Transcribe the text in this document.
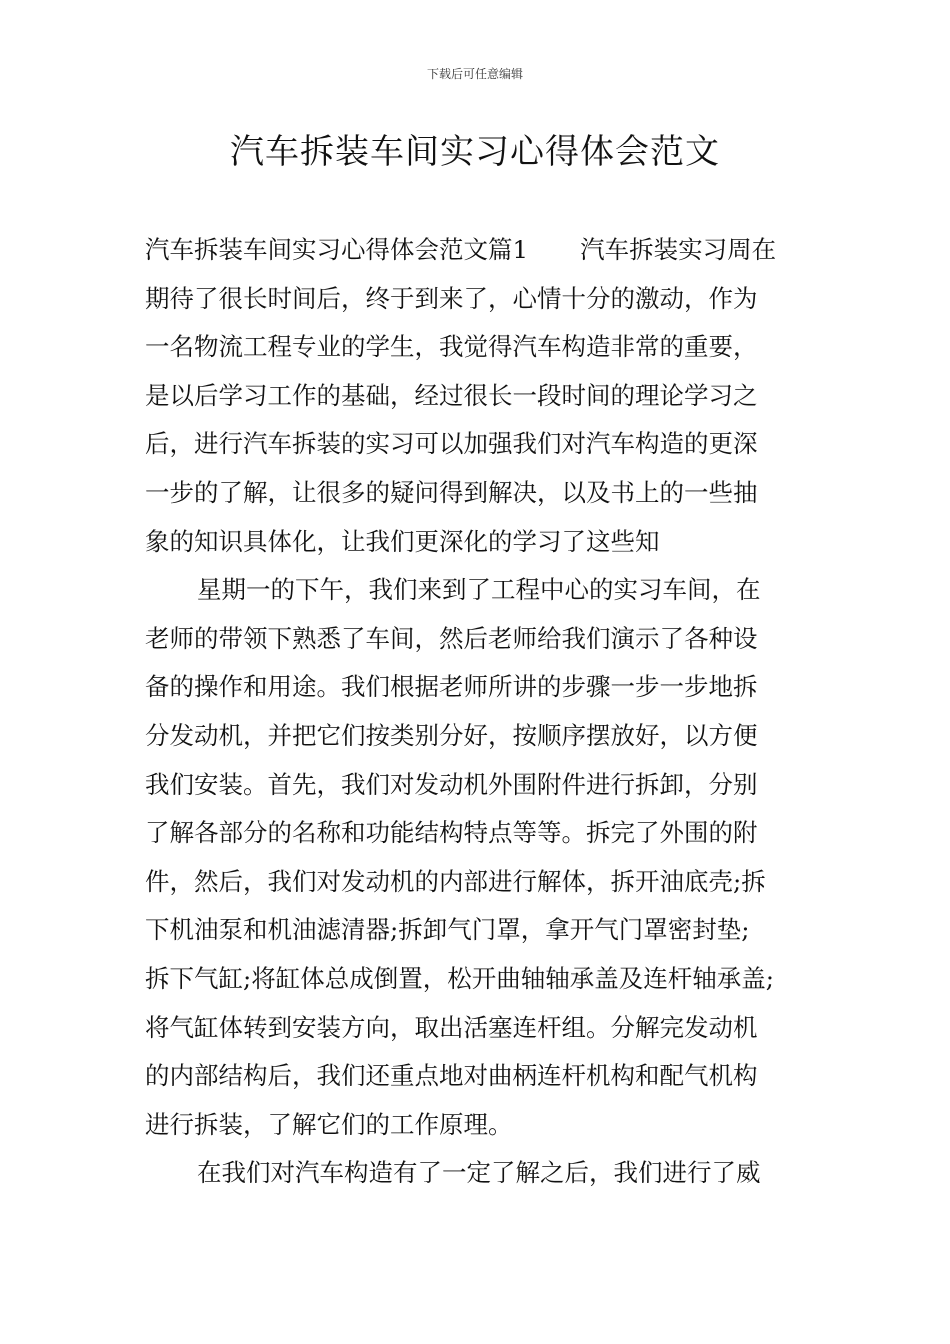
下载后可任意编辑
汽车拆装车间实习心得体会范文
汽车拆装车间实习心得体会范文篇1 汽车拆装实习周在
期待了很长时间后，终于到来了，心情十分的激动，作为
一名物流工程专业的学生，我觉得汽车构造非常的重要，
是以后学习工作的基础，经过很长一段时间的理论学习之
后，进行汽车拆装的实习可以加强我们对汽车构造的更深
一步的了解，让很多的疑问得到解决，以及书上的一些抽
象的知识具体化，让我们更深化的学习了这些知
星期一的下午，我们来到了工程中心的实习车间，在
老师的带领下熟悉了车间，然后老师给我们演示了各种设
备的操作和用途。我们根据老师所讲的步骤一步一步地拆
分发动机，并把它们按类别分好，按顺序摆放好，以方便
我们安装。首先，我们对发动机外围附件进行拆卸，分别
了解各部分的名称和功能结构特点等等。拆完了外围的附
件，然后，我们对发动机的内部进行解体，拆开油底壳;拆
下机油泵和机油滤清器;拆卸气门罩，拿开气门罩密封垫;
拆下气缸;将缸体总成倒置，松开曲轴轴承盖及连杆轴承盖;
将气缸体转到安装方向，取出活塞连杆组。分解完发动机
的内部结构后，我们还重点地对曲柄连杆机构和配气机构
进行拆装，了解它们的工作原理。
在我们对汽车构造有了一定了解之后，我们进行了威
